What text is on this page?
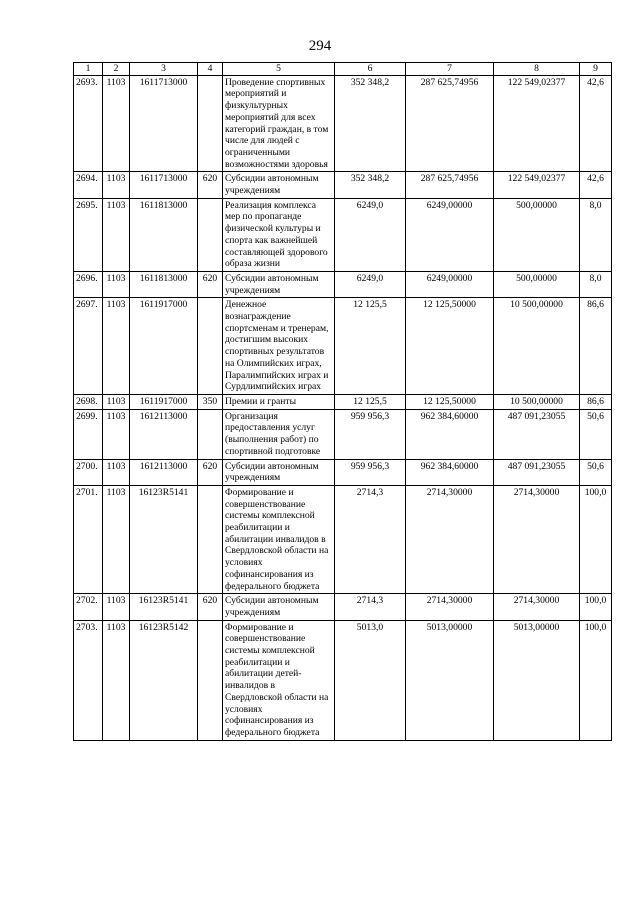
294
1	2	3	4	5	6	7	8	9
2693.	1103	1611713000		Проведение спортивных мероприятий и физкультурных мероприятий для всех категорий граждан, в том числе для людей с ограниченными возможностями здоровья	352 348,2	287 625,74956	122 549,02377	42,6
2694.	1103	1611713000	620	Субсидии автономным учреждениям	352 348,2	287 625,74956	122 549,02377	42,6
2695.	1103	1611813000		Реализация комплекса мер по пропаганде физической культуры и спорта как важнейшей составляющей здорового образа жизни	6249,0	6249,00000	500,00000	8,0
2696.	1103	1611813000	620	Субсидии автономным учреждениям	6249,0	6249,00000	500,00000	8,0
2697.	1103	1611917000		Денежное вознаграждение спортсменам и тренерам, достигшим высоких спортивных результатов на Олимпийских играх, Паралимпийских играх и Сурдлимпийских играх	12 125,5	12 125,50000	10 500,00000	86,6
2698.	1103	1611917000	350	Премии и гранты	12 125,5	12 125,50000	10 500,00000	86,6
2699.	1103	1612113000		Организация предоставления услуг (выполнения работ) по спортивной подготовке	959 956,3	962 384,60000	487 091,23055	50,6
2700.	1103	1612113000	620	Субсидии автономным учреждениям	959 956,3	962 384,60000	487 091,23055	50,6
2701.	1103	16123R5141		Формирование и совершенствование системы комплексной реабилитации и абилитации инвалидов в Свердловской области на условиях софинансирования из федерального бюджета	2714,3	2714,30000	2714,30000	100,0
2702.	1103	16123R5141	620	Субсидии автономным учреждениям	2714,3	2714,30000	2714,30000	100,0
2703.	1103	16123R5142		Формирование и совершенствование системы комплексной реабилитации и абилитации детей-инвалидов в Свердловской области на условиях софинансирования из федерального бюджета	5013,0	5013,00000	5013,00000	100,0
